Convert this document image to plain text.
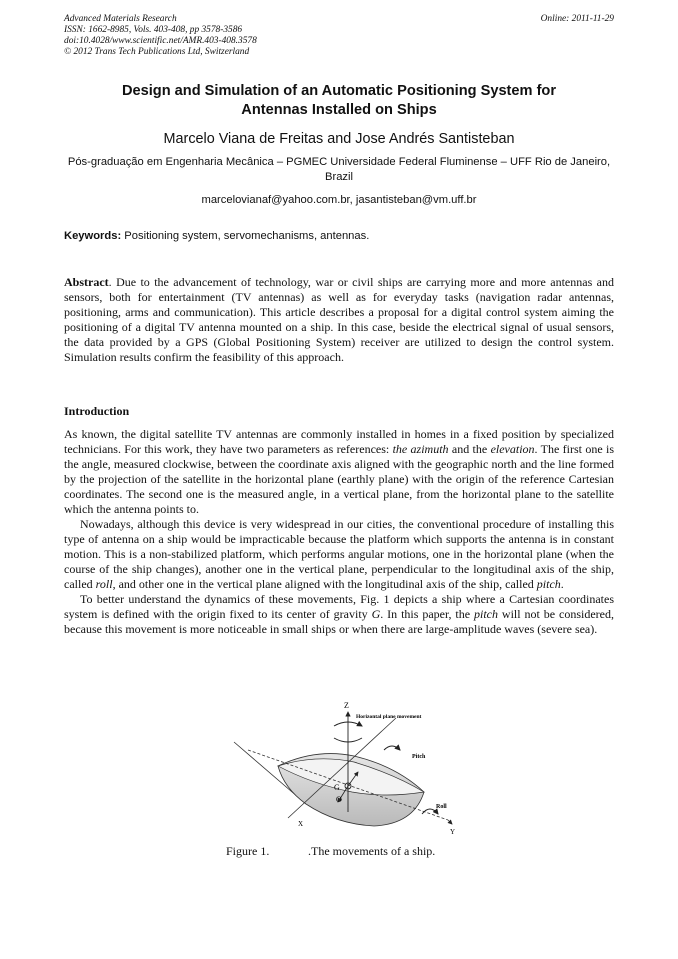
Advanced Materials Research
ISSN: 1662-8985, Vols. 403-408, pp 3578-3586
doi:10.4028/www.scientific.net/AMR.403-408.3578
© 2012 Trans Tech Publications Ltd, Switzerland
Online: 2011-11-29
Design and Simulation of an Automatic Positioning System for
Antennas Installed on Ships
Marcelo Viana de Freitas and Jose Andrés Santisteban
Pós-graduação em Engenharia Mecânica – PGMEC Universidade Federal Fluminense – UFF Rio de Janeiro, Brazil
marcelovianaf@yahoo.com.br, jasantisteban@vm.uff.br
Keywords: Positioning system, servomechanisms, antennas.
Abstract. Due to the advancement of technology, war or civil ships are carrying more and more antennas and sensors, both for entertainment (TV antennas) as well as for everyday tasks (navigation radar antennas, positioning, arms and communication). This article describes a proposal for a digital control system aiming the positioning of a digital TV antenna mounted on a ship. In this case, beside the electrical signal of usual sensors, the data provided by a GPS (Global Positioning System) receiver are utilized to design the control system. Simulation results confirm the feasibility of this approach.
Introduction

As known, the digital satellite TV antennas are commonly installed in homes in a fixed position by specialized technicians. For this work, they have two parameters as references: the azimuth and the elevation. The first one is the angle, measured clockwise, between the coordinate axis aligned with the geographic north and the line formed by the projection of the satellite in the horizontal plane (earthly plane) with the origin of the reference Cartesian coordinates. The second one is the measured angle, in a vertical plane, from the horizontal plane to the satellite which the antenna points to.

Nowadays, although this device is very widespread in our cities, the conventional procedure of installing this type of antenna on a ship would be impracticable because the platform which supports the antenna is in constant motion. This is a non-stabilized platform, which performs angular motions, one in the horizontal plane (when the course of the ship changes), another one in the vertical plane, perpendicular to the longitudinal axis of the ship, called roll, and other one in the vertical plane aligned with the longitudinal axis of the ship, called pitch.

To better understand the dynamics of these movements, Fig. 1 depicts a ship where a Cartesian coordinates system is defined with the origin fixed to its center of gravity G. In this paper, the pitch will not be considered, because this movement is more noticeable in small ships or when there are large-amplitude waves (severe sea).

Z
Horizontal plane movement
Pitch
Roll
G
O
X
Y
Figure 1.	.The movements of a ship.
